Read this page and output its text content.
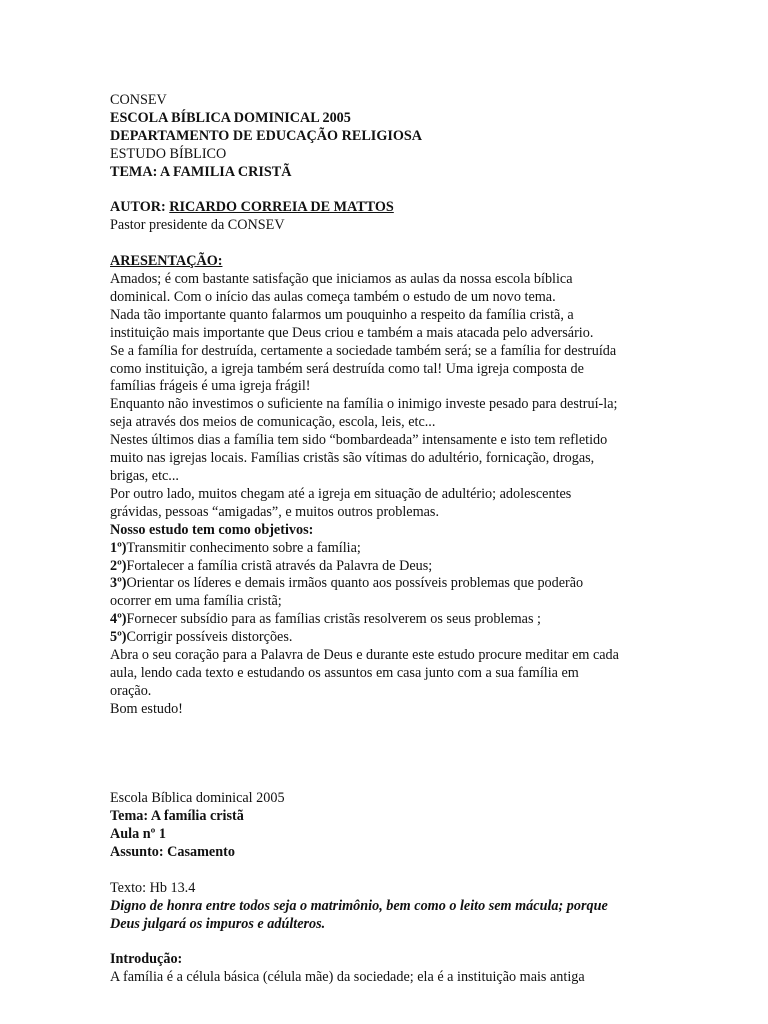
CONSEV
ESCOLA BÍBLICA DOMINICAL 2005
DEPARTAMENTO DE EDUCAÇÃO RELIGIOSA
ESTUDO BÍBLICO
TEMA: A FAMILIA CRISTÃ
AUTOR: RICARDO CORREIA DE MATTOS
Pastor presidente da CONSEV
ARESENTAÇÃO:
Amados; é com bastante satisfação que iniciamos as aulas da nossa escola bíblica
dominical. Com o início das aulas começa também o estudo de um novo tema.
Nada tão importante quanto falarmos um pouquinho a respeito da família cristã, a
instituição mais importante que Deus criou e também a mais atacada pelo adversário.
Se a família for destruída, certamente a sociedade também será; se a família for destruída
como instituição, a igreja também será destruída como tal! Uma igreja composta de
famílias frágeis é uma igreja frágil!
Enquanto não investimos o suficiente na família o inimigo investe pesado para destruí-la;
seja através dos meios de comunicação, escola, leis, etc...
Nestes últimos dias a família tem sido “bombardeada” intensamente e isto tem refletido
muito nas igrejas locais. Famílias cristãs são vítimas do adultério, fornicação, drogas,
brigas, etc...
Por outro lado, muitos chegam até a igreja em situação de adultério; adolescentes
grávidas, pessoas “amigadas”, e muitos outros problemas.
Nosso estudo tem como objetivos:
1º)Transmitir conhecimento sobre a família;
2º)Fortalecer a família cristã através da Palavra de Deus;
3º)Orientar os líderes e demais irmãos quanto aos possíveis problemas que poderão
ocorrer em uma família cristã;
4º)Fornecer subsídio para as famílias cristãs resolverem os seus problemas ;
5º)Corrigir possíveis distorções.
Abra o seu coração para a Palavra de Deus e durante este estudo procure meditar em cada
aula, lendo cada texto e estudando os assuntos em casa junto com a sua família em
oração.
Bom estudo!
Escola Bíblica dominical 2005
Tema: A família cristã
Aula nº 1
Assunto: Casamento
Texto: Hb 13.4
Digno de honra entre todos seja o matrimônio, bem como o leito sem mácula; porque
Deus julgará os impuros e adúlteros.
Introdução:
A família é a célula básica (célula mãe) da sociedade; ela é a instituição mais antiga
